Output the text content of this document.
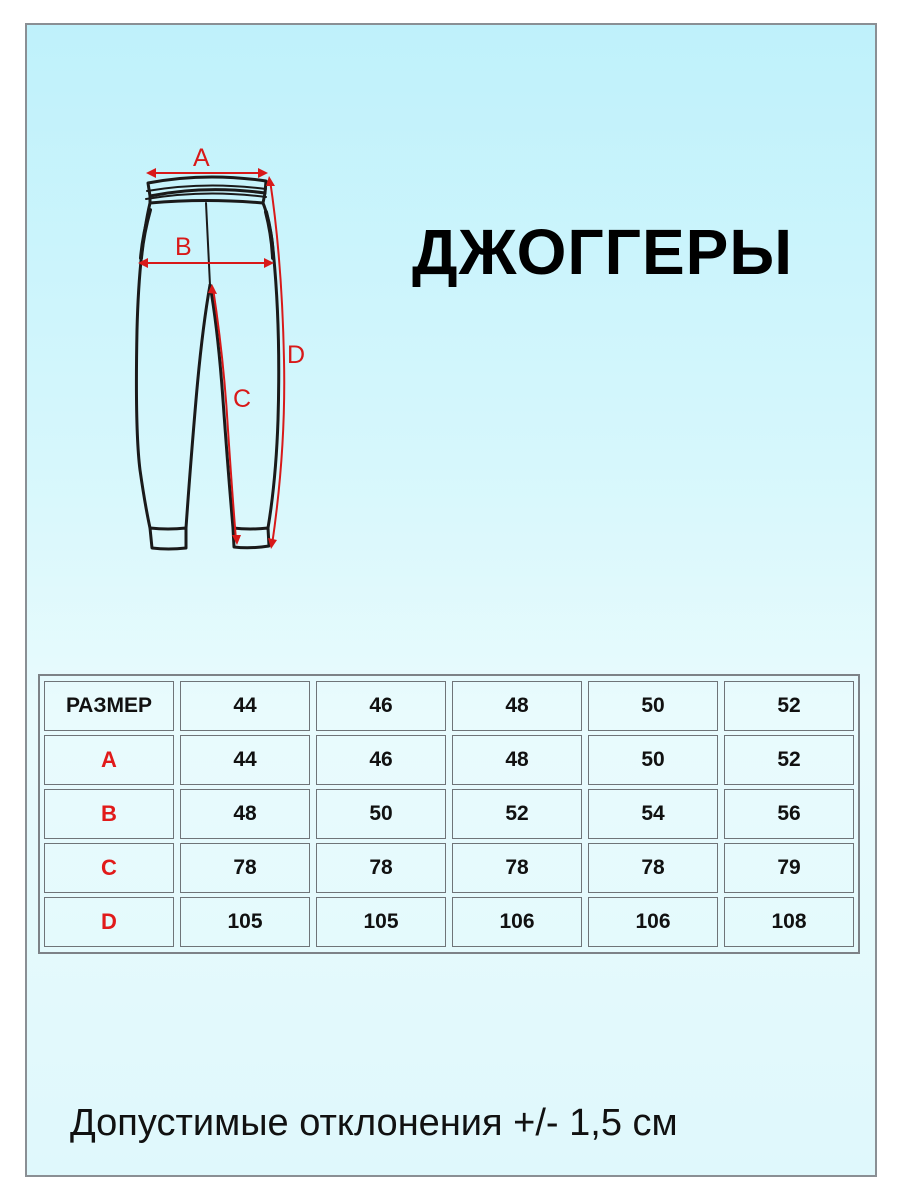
A
B
C
D
ДЖОГГЕРЫ
РАЗМЕР	44	46	48	50	52
A	44	46	48	50	52
B	48	50	52	54	56
C	78	78	78	78	79
D	105	105	106	106	108
Допустимые отклонения +/- 1,5 см
